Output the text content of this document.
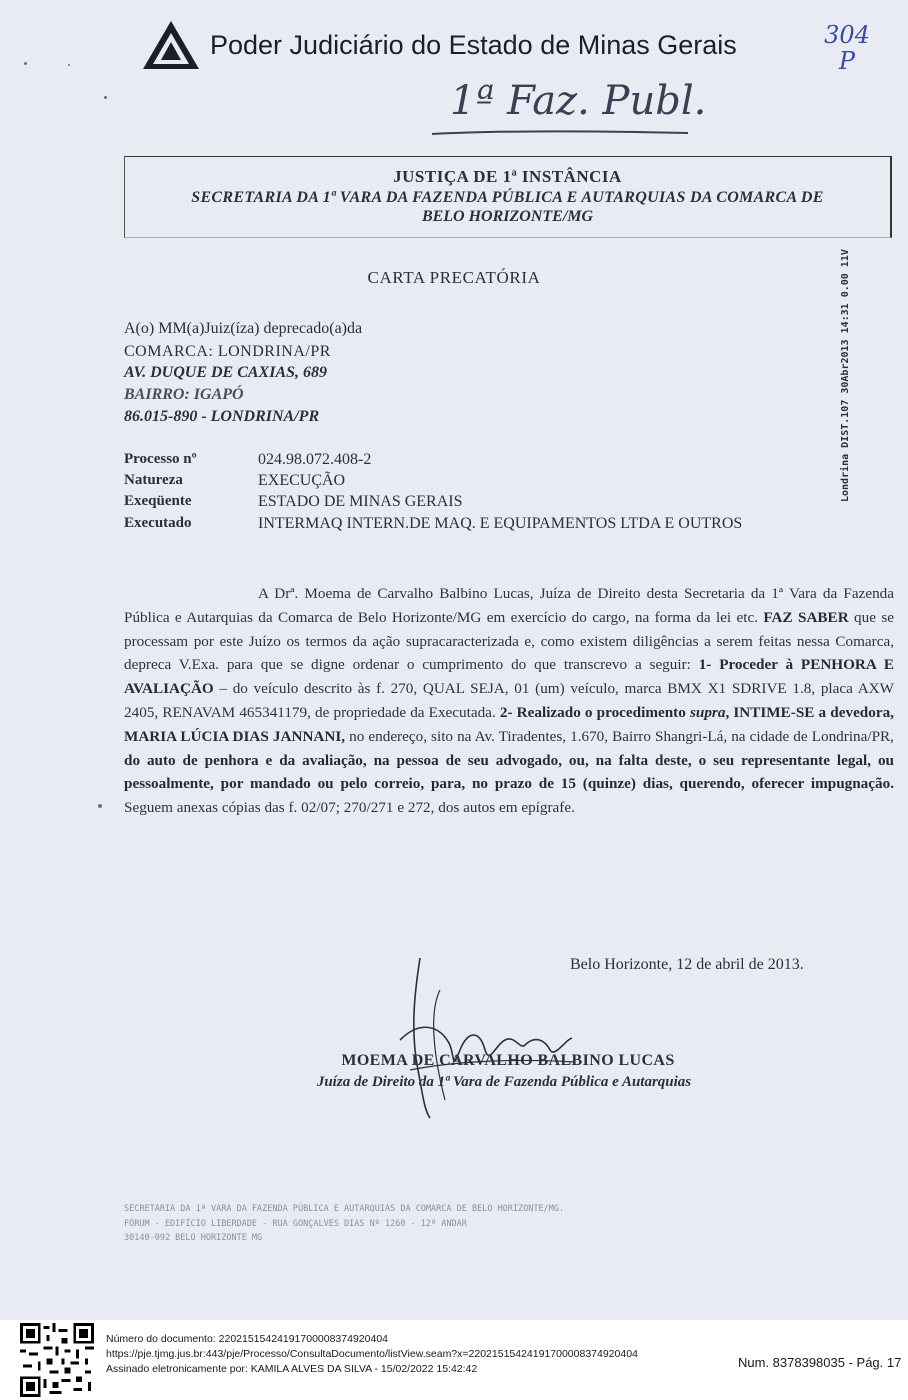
Poder Judiciário do Estado de Minas Gerais	304
P
1ª Faz. Publ.
JUSTIÇA DE 1ª INSTÂNCIA
SECRETARIA DA 1ª VARA DA FAZENDA PÚBLICA E AUTARQUIAS DA COMARCA DE
BELO HORIZONTE/MG
CARTA PRECATÓRIA
A(o) MM(a)Juiz(íza) deprecado(a)da
COMARCA: LONDRINA/PR
AV. DUQUE DE CAXIAS, 689
BAIRRO: IGAPÓ
86.015-890 - LONDRINA/PR	Londrina DIST.107 30Abr2013 14:31 0.00 11V
Processo nº	024.98.072.408-2
Natureza	EXECUÇÃO
Exeqüente	ESTADO DE MINAS GERAIS
Executado	INTERMAQ INTERN.DE MAQ. E EQUIPAMENTOS LTDA E OUTROS
A Drª. Moema de Carvalho Balbino Lucas, Juíza de Direito desta Secretaria da 1ª Vara da Fazenda Pública e Autarquias da Comarca de Belo Horizonte/MG em exercício do cargo, na forma da lei etc. FAZ SABER que se processam por este Juízo os termos da ação supracaracterizada e, como existem diligências a serem feitas nessa Comarca, depreca V.Exa. para que se digne ordenar o cumprimento do que transcrevo a seguir: 1- Proceder à PENHORA E AVALIAÇÃO – do veículo descrito às f. 270, QUAL SEJA, 01 (um) veículo, marca BMX X1 SDRIVE 1.8, placa AXW 2405, RENAVAM 465341179, de propriedade da Executada. 2- Realizado o procedimento supra, INTIME-SE a devedora, MARIA LÚCIA DIAS JANNANI, no endereço, sito na Av. Tiradentes, 1.670, Bairro Shangri-Lá, na cidade de Londrina/PR, do auto de penhora e da avaliação, na pessoa de seu advogado, ou, na falta deste, o seu representante legal, ou pessoalmente, por mandado ou pelo correio, para, no prazo de 15 (quinze) dias, querendo, oferecer impugnação. Seguem anexas cópias das f. 02/07; 270/271 e 272, dos autos em epígrafe.
Belo Horizonte, 12 de abril de 2013.
MOEMA DE CARVALHO BALBINO LUCAS
Juíza de Direito da 1ª Vara de Fazenda Pública e Autarquias
SECRETARIA DA 1ª VARA DA FAZENDA PÚBLICA E AUTARQUIAS DA COMARCA DE BELO HORIZONTE/MG.
FÓRUM - EDIFÍCIO LIBERDADE - RUA GONÇALVES DIAS Nº 1260 - 12º ANDAR
30140-092 BELO HORIZONTE MG
Número do documento: 22021515424191700008374920404
https://pje.tjmg.jus.br:443/pje/Processo/ConsultaDocumento/listView.seam?x=22021515424191700008374920404
Assinado eletronicamente por: KAMILA ALVES DA SILVA - 15/02/2022 15:42:42	Num. 8378398035 - Pág. 17
